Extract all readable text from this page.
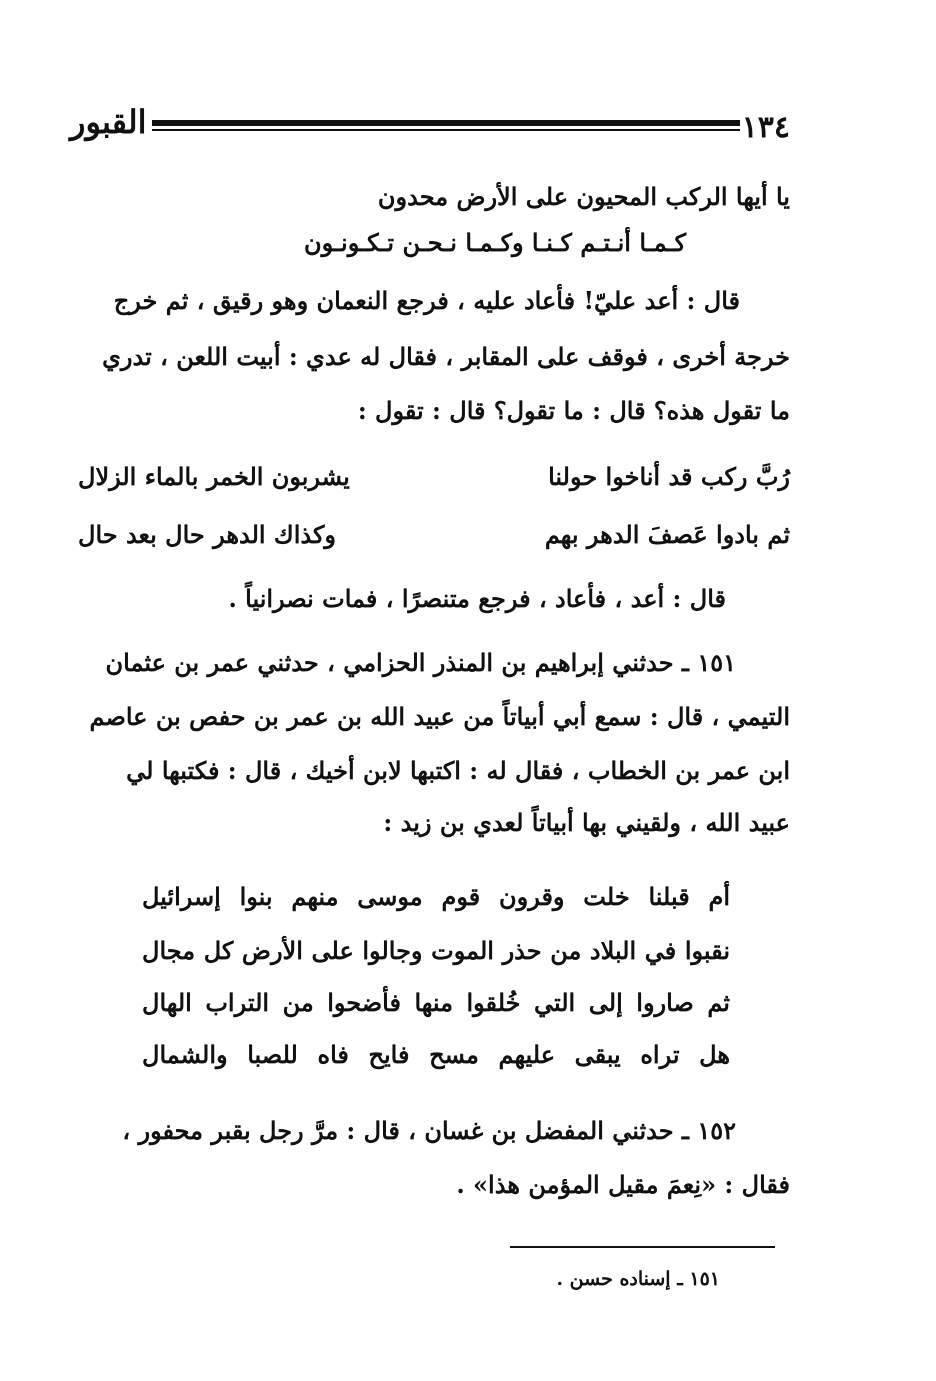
١٣٤
القبور
يا أيها الركب المحيون على الأرض محدون
كـمـا أنـتـم كـنـا وكـمـا نـحـن تـكـونـون
قال : أعد عليّ! فأعاد عليه ، فرجع النعمان وهو رقيق ، ثم خرج
خرجة أخرى ، فوقف على المقابر ، فقال له عدي : أبيت اللعن ، تدري
ما تقول هذه؟ قال : ما تقول؟ قال : تقول :
رُبَّ ركب قد أناخوا حولنا
يشربون الخمر بالماء الزلال
ثم بادوا عَصفَ الدهر بهم
وكذاك الدهر حال بعد حال
قال : أعد ، فأعاد ، فرجع متنصرًا ، فمات نصرانياً .
١٥١ ـ حدثني إبراهيم بن المنذر الحزامي ، حدثني عمر بن عثمان
التيمي ، قال : سمع أبي أبياتاً من عبيد الله بن عمر بن حفص بن عاصم
ابن عمر بن الخطاب ، فقال له : اكتبها لابن أخيك ، قال : فكتبها لي
عبيد الله ، ولقيني بها أبياتاً لعدي بن زيد :
أم قبلنا خلت وقرون قوم موسى منهم بنوا إسرائيل
نقبوا في البلاد من حذر الموت وجالوا على الأرض كل مجال
ثم صاروا إلى التي خُلقوا منها فأضحوا من التراب الهال
هل تراه يبقى عليهم مسح فايح فاه للصبا والشمال
١٥٢ ـ حدثني المفضل بن غسان ، قال : مرَّ رجل بقبر محفور ،
فقال : «نِعمَ مقيل المؤمن هذا» .
١٥١ ـ إسناده حسن .
